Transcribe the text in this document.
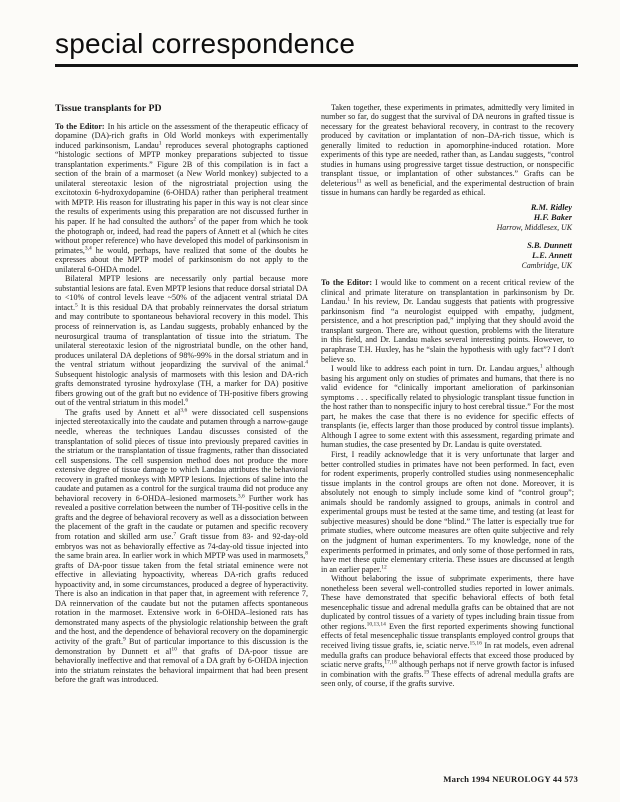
special correspondence
Tissue transplants for PD

To the Editor: In his article on the assessment of the therapeutic efficacy of dopamine (DA)-rich grafts in Old World monkeys with experimentally induced parkinsonism, Landau$^1$ reproduces several photographs captioned “histologic sections of MPTP monkey preparations subjected to tissue transplantation experiments.” Figure 2B of this compilation is in fact a section of the brain of a marmoset (a New World monkey) subjected to a unilateral stereotaxic lesion of the nigrostriatal projection using the excitotoxin 6-hydroxydopamine (6-OHDA) rather than peripheral treatment with MPTP. His reason for illustrating his paper in this way is not clear since the results of experiments using this preparation are not discussed further in his paper. If he had consulted the authors$^2$ of the paper from which he took the photograph or, indeed, had read the papers of Annett et al (which he cites without proper reference) who have developed this model of parkinsonism in primates,$^{3,4}$ he would, perhaps, have realized that some of the doubts he expresses about the MPTP model of parkinsonism do not apply to the unilateral 6-OHDA model.

Bilateral MPTP lesions are necessarily only partial because more substantial lesions are fatal. Even MPTP lesions that reduce dorsal striatal DA to <10% of control levels leave ~50% of the adjacent ventral striatal DA intact.$^5$ It is this residual DA that probably reinnervates the dorsal striatum and may contribute to spontaneous behavioral recovery in this model. This process of reinnervation is, as Landau suggests, probably enhanced by the neurosurgical trauma of transplantation of tissue into the striatum. The unilateral stereotaxic lesion of the nigrostriatal bundle, on the other hand, produces unilateral DA depletions of 98%-99% in the dorsal striatum and in the ventral striatum without jeopardizing the survival of the animal.$^4$ Subsequent histologic analysis of marmosets with this lesion and DA-rich grafts demonstrated tyrosine hydroxylase (TH, a marker for DA) positive fibers growing out of the graft but no evidence of TH-positive fibers growing out of the ventral striatum in this model.$^6$

The grafts used by Annett et al$^{3,6}$ were dissociated cell suspensions injected stereotaxically into the caudate and putamen through a narrow-gauge needle, whereas the techniques Landau discusses consisted of the transplantation of solid pieces of tissue into previously prepared cavities in the striatum or the transplantation of tissue fragments, rather than dissociated cell suspensions. The cell suspension method does not produce the more extensive degree of tissue damage to which Landau attributes the behavioral recovery in grafted monkeys with MPTP lesions. Injections of saline into the caudate and putamen as a control for the surgical trauma did not produce any behavioral recovery in 6-OHDA–lesioned marmosets.$^{3,6}$ Further work has revealed a positive correlation between the number of TH-positive cells in the grafts and the degree of behavioral recovery as well as a dissociation between the placement of the graft in the caudate or putamen and specific recovery from rotation and skilled arm use.$^7$ Graft tissue from 83- and 92-day-old embryos was not as behaviorally effective as 74-day-old tissue injected into the same brain area. In earlier work in which MPTP was used in marmosets,$^8$ grafts of DA-poor tissue taken from the fetal striatal eminence were not effective in alleviating hypoactivity, whereas DA-rich grafts reduced hypoactivity and, in some circumstances, produced a degree of hyperactivity. There is also an indication in that paper that, in agreement with reference 7, DA reinnervation of the caudate but not the putamen affects spontaneous rotation in the marmoset. Extensive work in 6-OHDA–lesioned rats has demonstrated many aspects of the physiologic relationship between the graft and the host, and the dependence of behavioral recovery on the dopaminergic activity of the graft.$^9$ But of particular importance to this discussion is the demonstration by Dunnett et $al^{10}$ that grafts of DA-poor tissue are behaviorally ineffective and that removal of a DA graft by 6-OHDA injection into the striatum reinstates the behavioral impairment that had been present before the graft was introduced.

Taken together, these experiments in primates, admittedly very limited in number so far, do suggest that the survival of DA neurons in grafted tissue is necessary for the greatest behavioral recovery, in contrast to the recovery produced by cavitation or implantation of non–DA-rich tissue, which is generally limited to reduction in apomorphine-induced rotation. More experiments of this type are needed, rather than, as Landau suggests, “control studies in humans using progressive target tissue destruction, or nonspecific transplant tissue, or implantation of other substances.” Grafts can be deleterious$^{11}$ as well as beneficial, and the experimental destruction of brain tissue in humans can hardly be regarded as ethical.

R.M. Ridley
H.F. Baker
Harrow, Middlesex, UK
S.B. Dunnett
L.E. Annett
Cambridge, UK

To the Editor: I would like to comment on a recent critical review of the clinical and primate literature on transplantation in parkinsonism by Dr. Landau.$^1$ In his review, Dr. Landau suggests that patients with progressive parkinsonism find “a neurologist equipped with empathy, judgment, persistence, and a hot prescription pad,” implying that they should avoid the transplant surgeon. There are, without question, problems with the literature in this field, and Dr. Landau makes several interesting points. However, to paraphrase T.H. Huxley, has he “slain the hypothesis with ugly fact”? I don't believe so.

I would like to address each point in turn. Dr. Landau argues,$^1$ although basing his argument only on studies of primates and humans, that there is no valid evidence for “clinically important amelioration of parkinsonian symptoms . . . specifically related to physiologic transplant tissue function in the host rather than to nonspecific injury to host cerebral tissue.” For the most part, he makes the case that there is no evidence for specific effects of transplants (ie, effects larger than those produced by control tissue implants). Although I agree to some extent with this assessment, regarding primate and human studies, the case presented by Dr. Landau is quite overstated.

First, I readily acknowledge that it is very unfortunate that larger and better controlled studies in primates have not been performed. In fact, even for rodent experiments, properly controlled studies using nonmesencephalic tissue implants in the control groups are often not done. Moreover, it is absolutely not enough to simply include some kind of “control group”; animals should be randomly assigned to groups, animals in control and experimental groups must be tested at the same time, and testing (at least for subjective measures) should be done “blind.” The latter is especially true for primate studies, where outcome measures are often quite subjective and rely on the judgment of human experimenters. To my knowledge, none of the experiments performed in primates, and only some of those performed in rats, have met these quite elementary criteria. These issues are discussed at length in an earlier paper.$^{12}$

Without belaboring the issue of subprimate experiments, there have nonetheless been several well-controlled studies reported in lower animals. These have demonstrated that specific behavioral effects of both fetal mesencephalic tissue and adrenal medulla grafts can be obtained that are not duplicated by control tissues of a variety of types including brain tissue from other regions.$^{10,13,14}$ Even the first reported experiments showing functional effects of fetal mesencephalic tissue transplants employed control groups that received living tissue grafts, ie, sciatic nerve.$^{15,16}$ In rat models, even adrenal medulla grafts can produce behavioral effects that exceed those produced by sciatic nerve grafts,$^{17,18}$ although perhaps not if nerve growth factor is infused in combination with the grafts.$^{19}$ These effects of adrenal medulla grafts are seen only, of course, if the grafts survive.

March 1994 NEUROLOGY 44 573
